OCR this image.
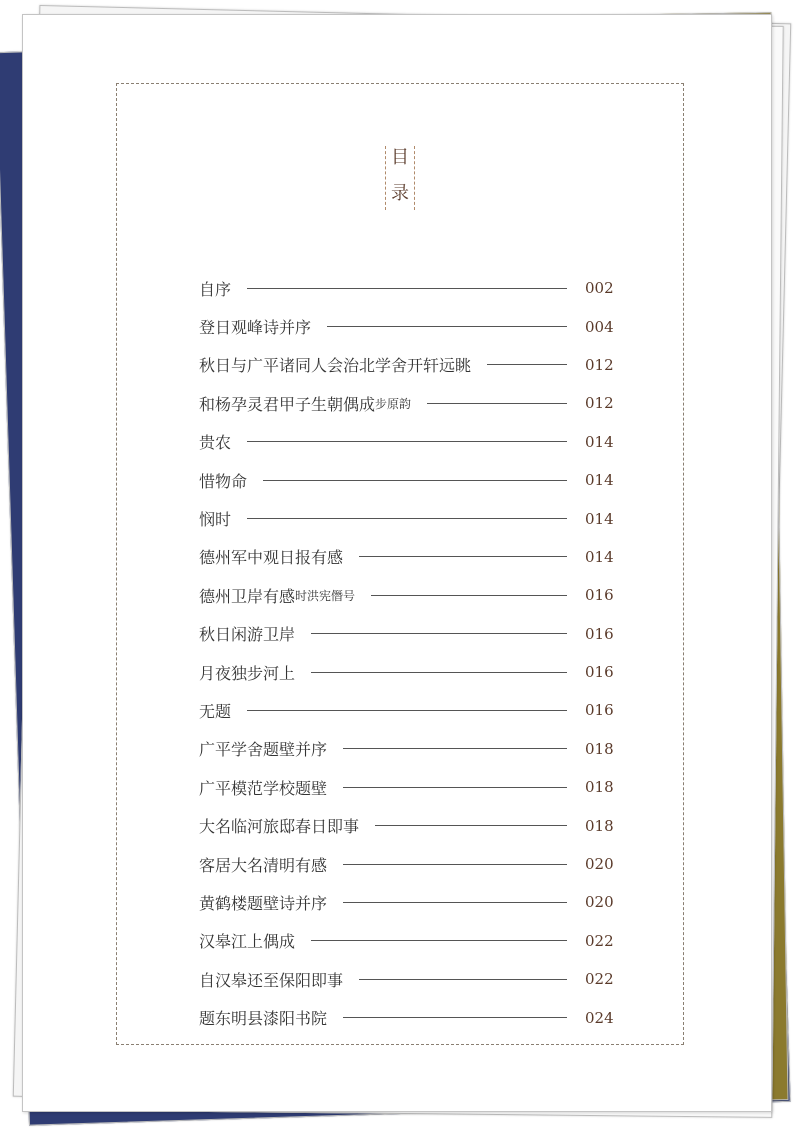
目
录
自序	002
登日观峰诗并序	004
秋日与广平诸同人会治北学舍开轩远眺	012
和杨孕灵君甲子生朝偶成 步原韵	012
贵农	014
惜物命	014
悯时	014
德州军中观日报有感	014
德州卫岸有感 时洪宪僭号	016
秋日闲游卫岸	016
月夜独步河上	016
无题	016
广平学舍题壁并序	018
广平模范学校题壁	018
大名临河旅邸春日即事	018
客居大名清明有感	020
黄鹤楼题壁诗并序	020
汉皋江上偶成	022
自汉皋还至保阳即事	022
题东明县漆阳书院	024
